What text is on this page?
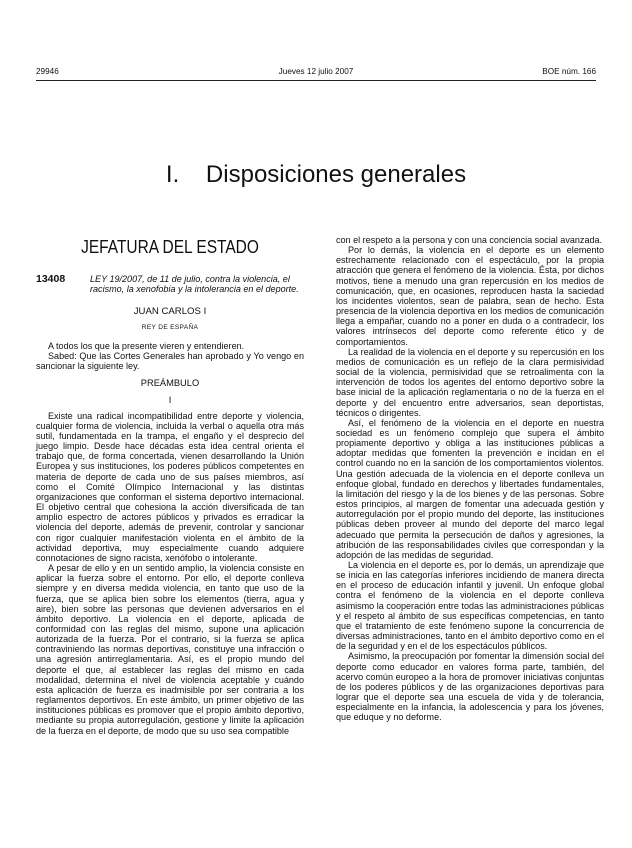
29946	Jueves 12 julio 2007	BOE núm. 166
I.    Disposiciones generales
JEFATURA DEL ESTADO
13408	LEY 19/2007, de 11 de julio, contra la violencia, el racismo, la xenofobia y la intolerancia en el deporte.
JUAN CARLOS I
REY DE ESPAÑA

A todos los que la presente vieren y entendieren.

Sabed: Que las Cortes Generales han aprobado y Yo vengo en sancionar la siguiente ley.

PREÁMBULO
I

Existe una radical incompatibilidad entre deporte y violencia, cualquier forma de violencia, incluida la verbal o aquella otra más sutil, fundamentada en la trampa, el engaño y el desprecio del juego limpio. Desde hace décadas esta idea central orienta el trabajo que, de forma concertada, vienen desarrollando la Unión Europea y sus instituciones, los poderes públicos competentes en materia de deporte de cada uno de sus países miembros, así como el Comité Olímpico Internacional y las distintas organizaciones que conforman el sistema deportivo internacional. El objetivo central que cohesiona la acción diversificada de tan amplio espectro de actores públicos y privados es erradicar la violencia del deporte, además de prevenir, controlar y sancionar con rigor cualquier manifestación violenta en el ámbito de la actividad deportiva, muy especialmente cuando adquiere connotaciones de signo racista, xenófobo o intolerante.

A pesar de ello y en un sentido amplio, la violencia consiste en aplicar la fuerza sobre el entorno. Por ello, el deporte conlleva siempre y en diversa medida violencia, en tanto que uso de la fuerza, que se aplica bien sobre los elementos (tierra, agua y aire), bien sobre las personas que devienen adversarios en el ámbito deportivo. La violencia en el deporte, aplicada de conformidad con las reglas del mismo, supone una aplicación autorizada de la fuerza. Por el contrario, si la fuerza se aplica contraviniendo las normas deportivas, constituye una infracción o una agresión antirreglamentaria. Así, es el propio mundo del deporte el que, al establecer las reglas del mismo en cada modalidad, determina el nivel de violencia aceptable y cuándo esta aplicación de fuerza es inadmisible por ser contraria a los reglamentos deportivos. En este ámbito, un primer objetivo de las instituciones públicas es promover que el propio ámbito deportivo, mediante su propia autorregulación, gestione y limite la aplicación de la fuerza en el deporte, de modo que su uso sea compatible

con el respeto a la persona y con una conciencia social avanzada.

Por lo demás, la violencia en el deporte es un elemento estrechamente relacionado con el espectáculo, por la propia atracción que genera el fenómeno de la violencia. Ésta, por dichos motivos, tiene a menudo una gran repercusión en los medios de comunicación, que, en ocasiones, reproducen hasta la saciedad los incidentes violentos, sean de palabra, sean de hecho. Esta presencia de la violencia deportiva en los medios de comunicación llega a empañar, cuando no a poner en duda o a contradecir, los valores intrínsecos del deporte como referente ético y de comportamientos.

La realidad de la violencia en el deporte y su repercusión en los medios de comunicación es un reflejo de la clara permisividad social de la violencia, permisividad que se retroalimenta con la intervención de todos los agentes del entorno deportivo sobre la base inicial de la aplicación reglamentaria o no de la fuerza en el deporte y del encuentro entre adversarios, sean deportistas, técnicos o dirigentes.

Así, el fenómeno de la violencia en el deporte en nuestra sociedad es un fenómeno complejo que supera el ámbito propiamente deportivo y obliga a las instituciones públicas a adoptar medidas que fomenten la prevención e incidan en el control cuando no en la sanción de los comportamientos violentos. Una gestión adecuada de la violencia en el deporte conlleva un enfoque global, fundado en derechos y libertades fundamentales, la limitación del riesgo y la de los bienes y de las personas. Sobre estos principios, al margen de fomentar una adecuada gestión y autorregulación por el propio mundo del deporte, las instituciones públicas deben proveer al mundo del deporte del marco legal adecuado que permita la persecución de daños y agresiones, la atribución de las responsabilidades civiles que correspondan y la adopción de las medidas de seguridad.

La violencia en el deporte es, por lo demás, un aprendizaje que se inicia en las categorías inferiores incidiendo de manera directa en el proceso de educación infantil y juvenil. Un enfoque global contra el fenómeno de la violencia en el deporte conlleva asimismo la cooperación entre todas las administraciones públicas y el respeto al ámbito de sus específicas competencias, en tanto que el tratamiento de este fenómeno supone la concurrencia de diversas administraciones, tanto en el ámbito deportivo como en el de la seguridad y en el de los espectáculos públicos.

Asimismo, la preocupación por fomentar la dimensión social del deporte como educador en valores forma parte, también, del acervo común europeo a la hora de promover iniciativas conjuntas de los poderes públicos y de las organizaciones deportivas para lograr que el deporte sea una escuela de vida y de tolerancia, especialmente en la infancia, la adolescencia y para los jóvenes, que eduque y no deforme.
